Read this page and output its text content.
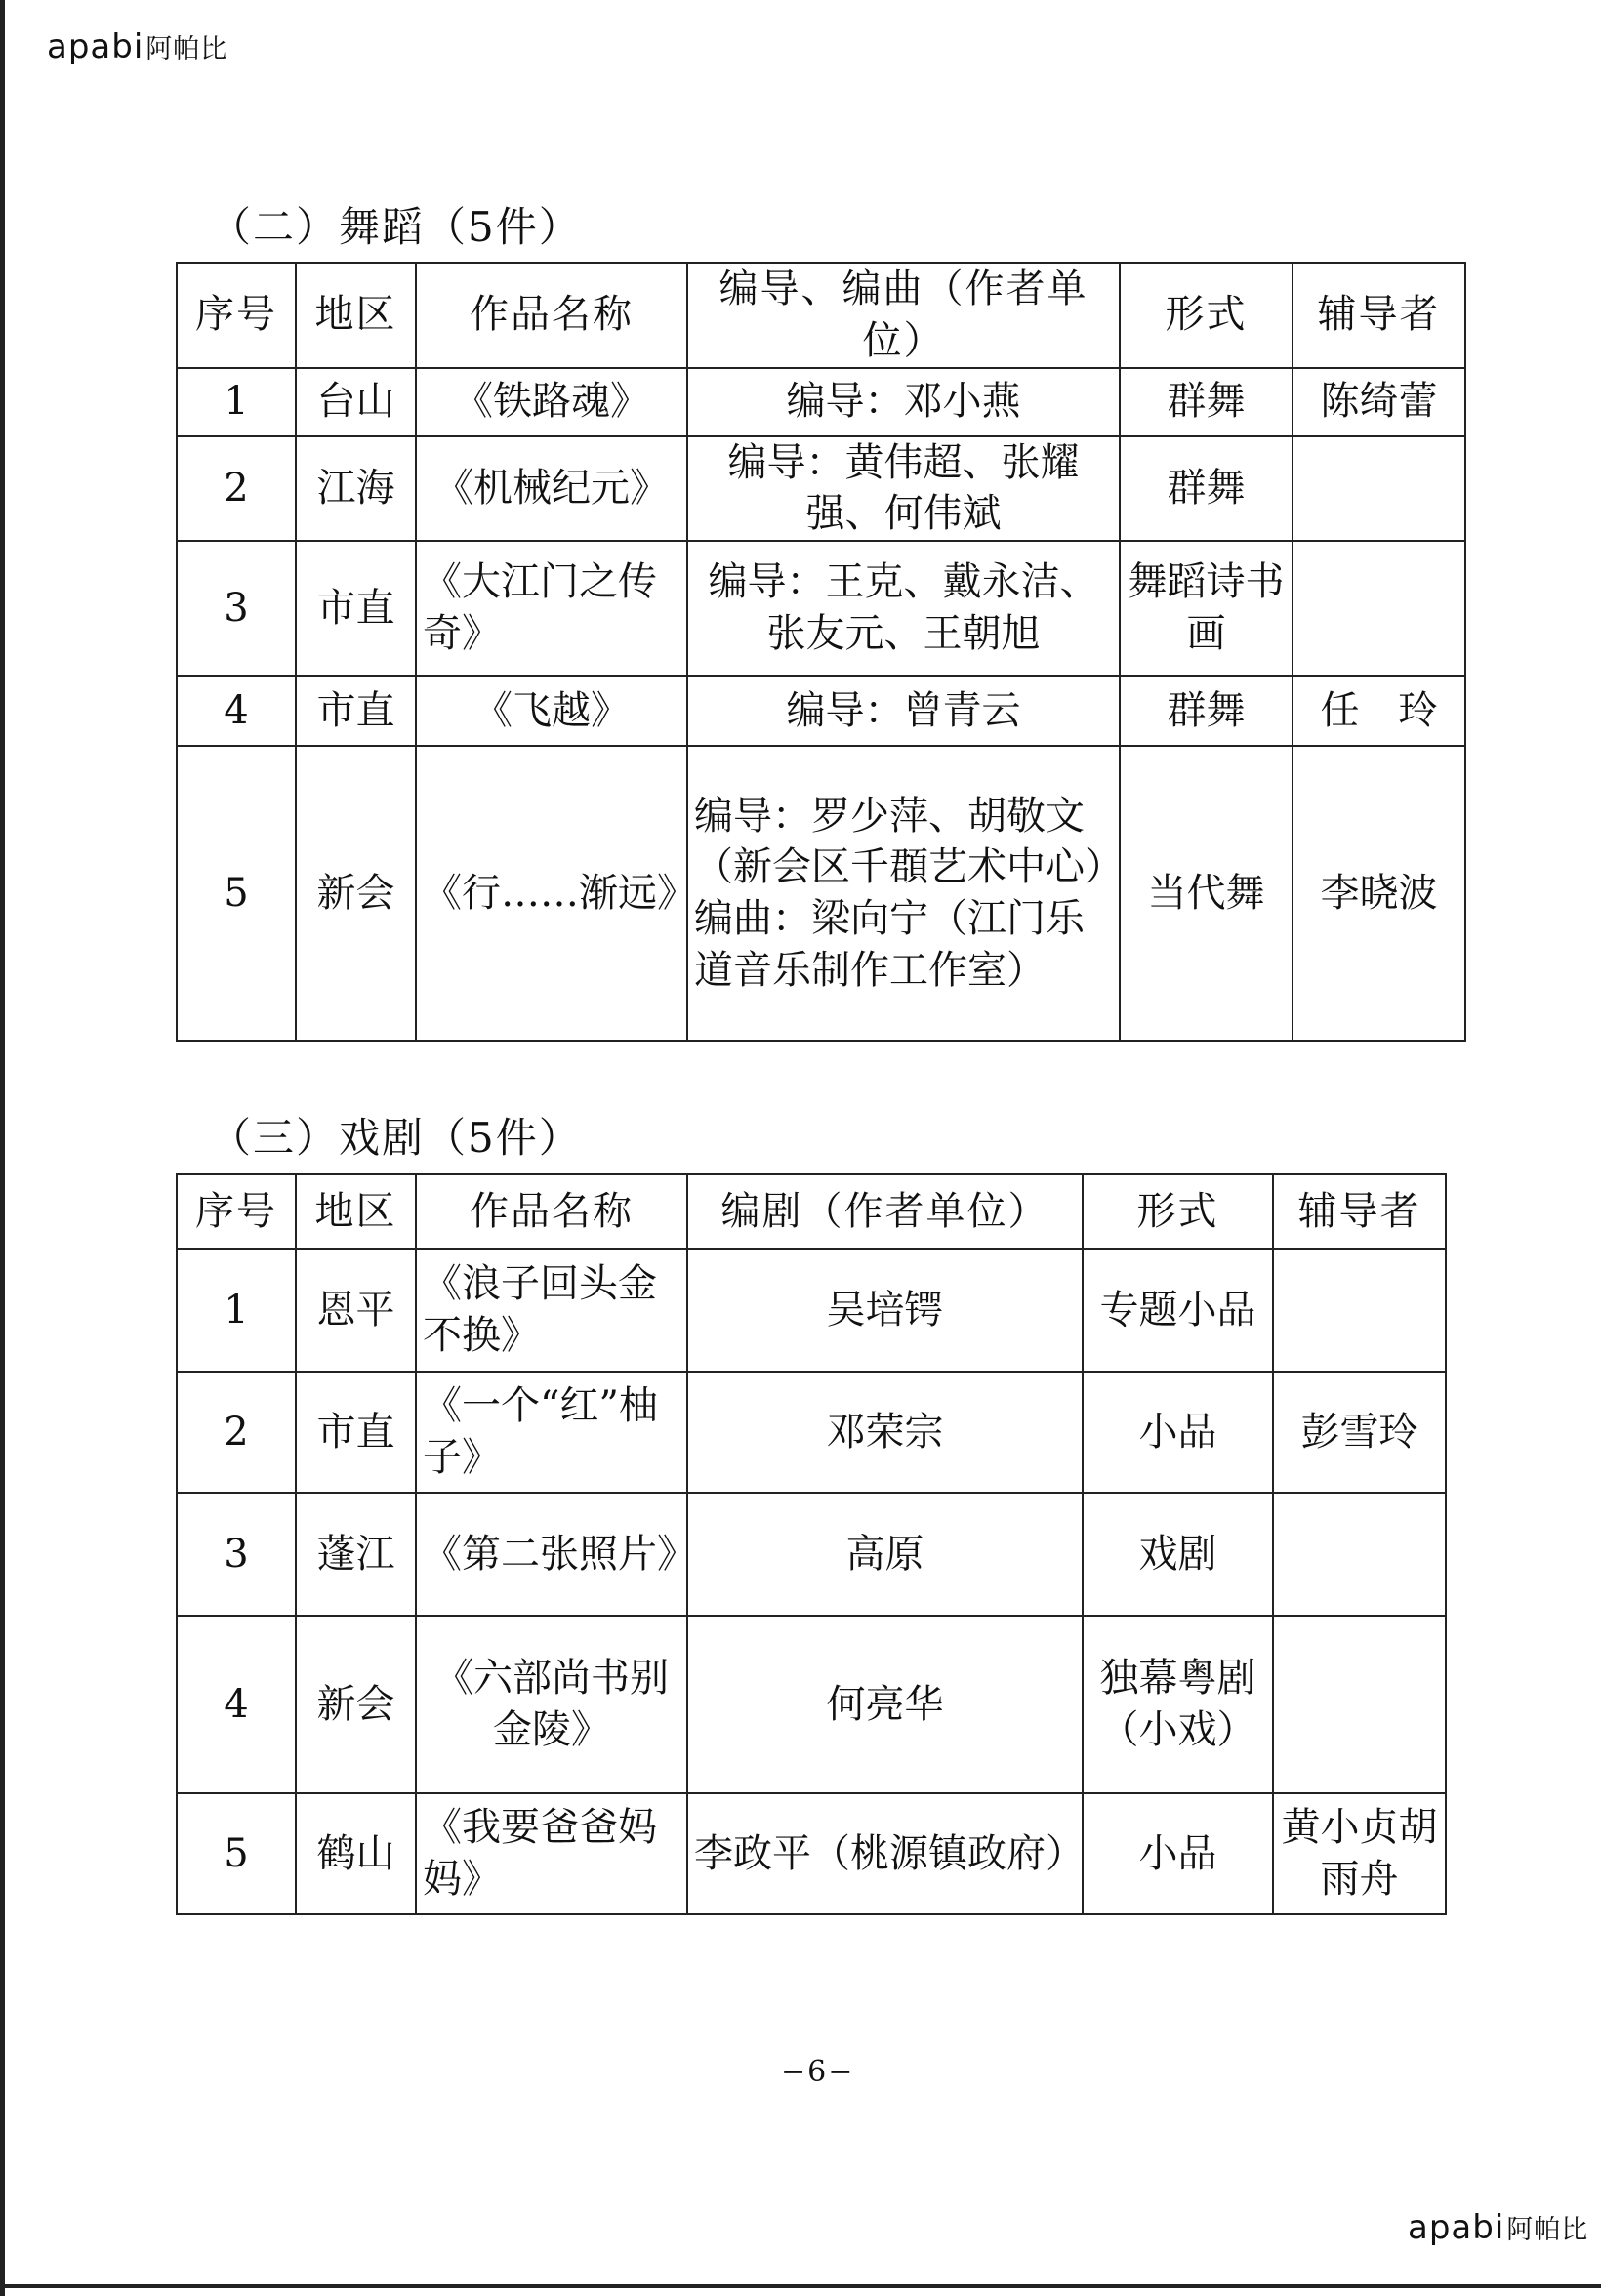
apabi阿帕比
（二）舞蹈（5件）
序号	地区	作品名称	编导、编曲（作者单位）	形式	辅导者
1	台山	《铁路魂》	编导：邓小燕	群舞	陈绮蕾
2	江海	《机械纪元》	编导：黄伟超、张耀强、何伟斌	群舞	
3	市直	《大江门之传奇》	编导：王克、戴永洁、张友元、王朝旭	舞蹈诗书画	
4	市直	《飞越》	编导：曾青云	群舞	任　玲
5	新会	《行……渐远》	编导：罗少萍、胡敬文（新会区千頵艺术中心）编曲：梁向宁（江门乐道音乐制作工作室）	当代舞	李晓波
（三）戏剧（5件）
序号	地区	作品名称	编剧（作者单位）	形式	辅导者
1	恩平	《浪子回头金不换》	吴培锷	专题小品	
2	市直	《一个“红”柚子》	邓荣宗	小品	彭雪玲
3	蓬江	《第二张照片》	高原	戏剧	
4	新会	《六部尚书别金陵》	何亮华	独幕粤剧（小戏）	
5	鹤山	《我要爸爸妈妈》	李政平（桃源镇政府）	小品	黄小贞胡雨舟
−6−
apabi阿帕比
